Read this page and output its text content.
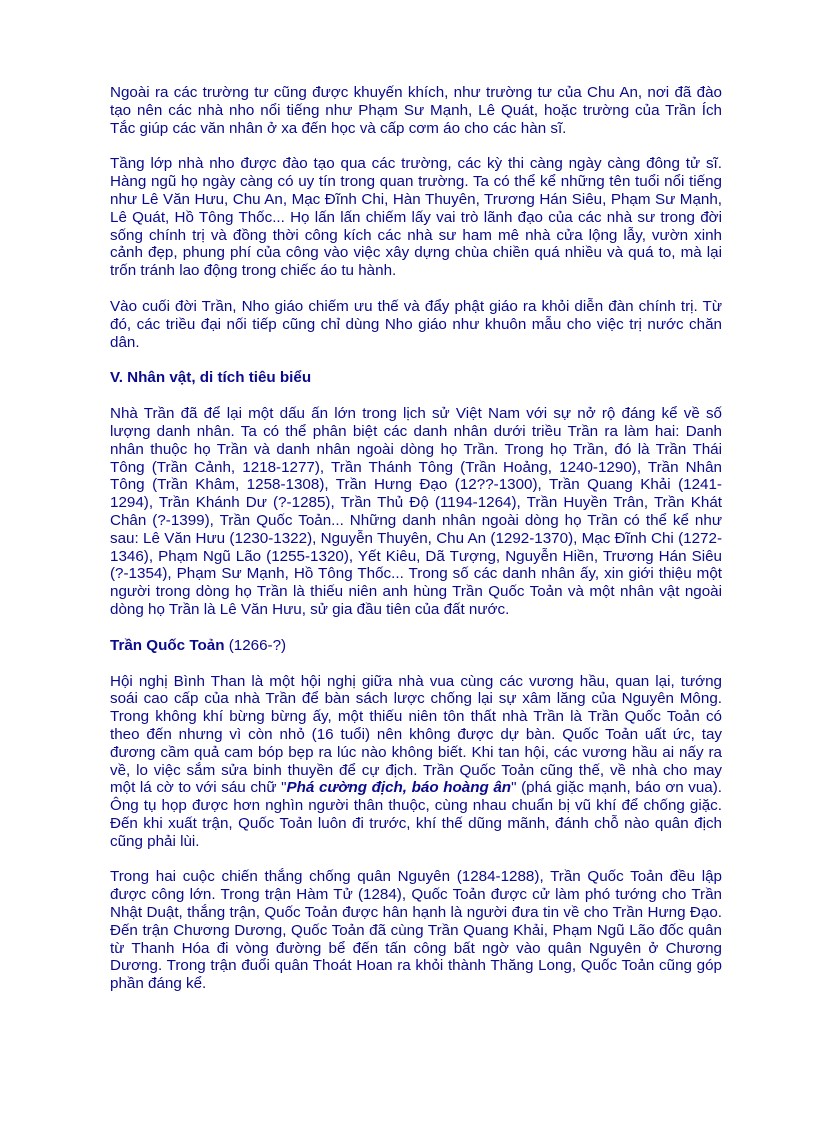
Ngoài ra các trường tư cũng được khuyến khích, như trường tư của Chu An, nơi đã đào tạo nên các nhà nho nổi tiếng như Phạm Sư Mạnh, Lê Quát, hoặc trường của Trần Ích Tắc giúp các văn nhân ở xa đến học và cấp cơm áo cho các hàn sĩ.

Tầng lớp nhà nho được đào tạo qua các trường, các kỳ thi càng ngày càng đông tử sĩ. Hàng ngũ họ ngày càng có uy tín trong quan trường. Ta có thể kể những tên tuổi nổi tiếng như Lê Văn Hưu, Chu An, Mạc Đĩnh Chi, Hàn Thuyên, Trương Hán Siêu, Phạm Sư Mạnh, Lê Quát, Hồ Tông Thốc... Họ lấn lấn chiếm lấy vai trò lãnh đạo của các nhà sư trong đời sống chính trị và đồng thời công kích các nhà sư ham mê nhà cửa lộng lẫy, vườn xinh cảnh đẹp, phung phí của công vào việc xây dựng chùa chiền quá nhiều và quá to, mà lại trốn tránh lao động trong chiếc áo tu hành.

Vào cuối đời Trần, Nho giáo chiếm ưu thế và đẩy phật giáo ra khỏi diễn đàn chính trị. Từ đó, các triều đại nối tiếp cũng chỉ dùng Nho giáo như khuôn mẫu cho việc trị nước chăn dân.

V. Nhân vật, di tích tiêu biểu

Nhà Trần đã để lại một dấu ấn lớn trong lịch sử Việt Nam với sự nở rộ đáng kể về số lượng danh nhân. Ta có thể phân biệt các danh nhân dưới triều Trần ra làm hai: Danh nhân thuộc họ Trần và danh nhân ngoài dòng họ Trần. Trong họ Trần, đó là Trần Thái Tông (Trần Cảnh, 1218-1277), Trần Thánh Tông (Trần Hoảng, 1240-1290), Trần Nhân Tông (Trần Khâm, 1258-1308), Trần Hưng Đạo (12??-1300), Trần Quang Khải (1241-1294), Trần Khánh Dư (?-1285), Trần Thủ Độ (1194-1264), Trần Huyền Trân, Trần Khát Chân (?-1399), Trần Quốc Toản... Những danh nhân ngoài dòng họ Trần có thể kể như sau: Lê Văn Hưu (1230-1322), Nguyễn Thuyên, Chu An (1292-1370), Mạc Đĩnh Chi (1272-1346), Phạm Ngũ Lão (1255-1320), Yết Kiêu, Dã Tượng, Nguyễn Hiền, Trương Hán Siêu (?-1354), Phạm Sư Mạnh, Hồ Tông Thốc... Trong số các danh nhân ấy, xin giới thiệu một người trong dòng họ Trần là thiếu niên anh hùng Trần Quốc Toản và một nhân vật ngoài dòng họ Trần là Lê Văn Hưu, sử gia đầu tiên của đất nước.

Trần Quốc Toản (1266-?)

Hội nghị Bình Than là một hội nghị giữa nhà vua cùng các vương hầu, quan lại, tướng soái cao cấp của nhà Trần để bàn sách lược chống lại sự xâm lăng của Nguyên Mông. Trong không khí bừng bừng ấy, một thiếu niên tôn thất nhà Trần là Trần Quốc Toản có theo đến nhưng vì còn nhỏ (16 tuổi) nên không được dự bàn. Quốc Toản uất ức, tay đương cầm quả cam bóp bẹp ra lúc nào không biết. Khi tan hội, các vương hầu ai nấy ra về, lo việc sắm sửa binh thuyền để cự địch. Trần Quốc Toản cũng thế, về nhà cho may một lá cờ to với sáu chữ "Phá cường địch, báo hoàng ân" (phá giặc mạnh, báo ơn vua). Ông tụ họp được hơn nghìn người thân thuộc, cùng nhau chuẩn bị vũ khí để chống giặc. Đến khi xuất trận, Quốc Toản luôn đi trước, khí thế dũng mãnh, đánh chỗ nào quân địch cũng phải lùi.

Trong hai cuộc chiến thắng chống quân Nguyên (1284-1288), Trần Quốc Toản đều lập được công lớn. Trong trận Hàm Tử (1284), Quốc Toản được cử làm phó tướng cho Trần Nhật Duật, thắng trận, Quốc Toản được hân hạnh là người đưa tin về cho Trần Hưng Đạo. Đến trận Chương Dương, Quốc Toản đã cùng Trần Quang Khải, Phạm Ngũ Lão đốc quân từ Thanh Hóa đi vòng đường bể đến tấn công bất ngờ vào quân Nguyên ở Chương Dương. Trong trận đuổi quân Thoát Hoan ra khỏi thành Thăng Long, Quốc Toản cũng góp phần đáng kể.
